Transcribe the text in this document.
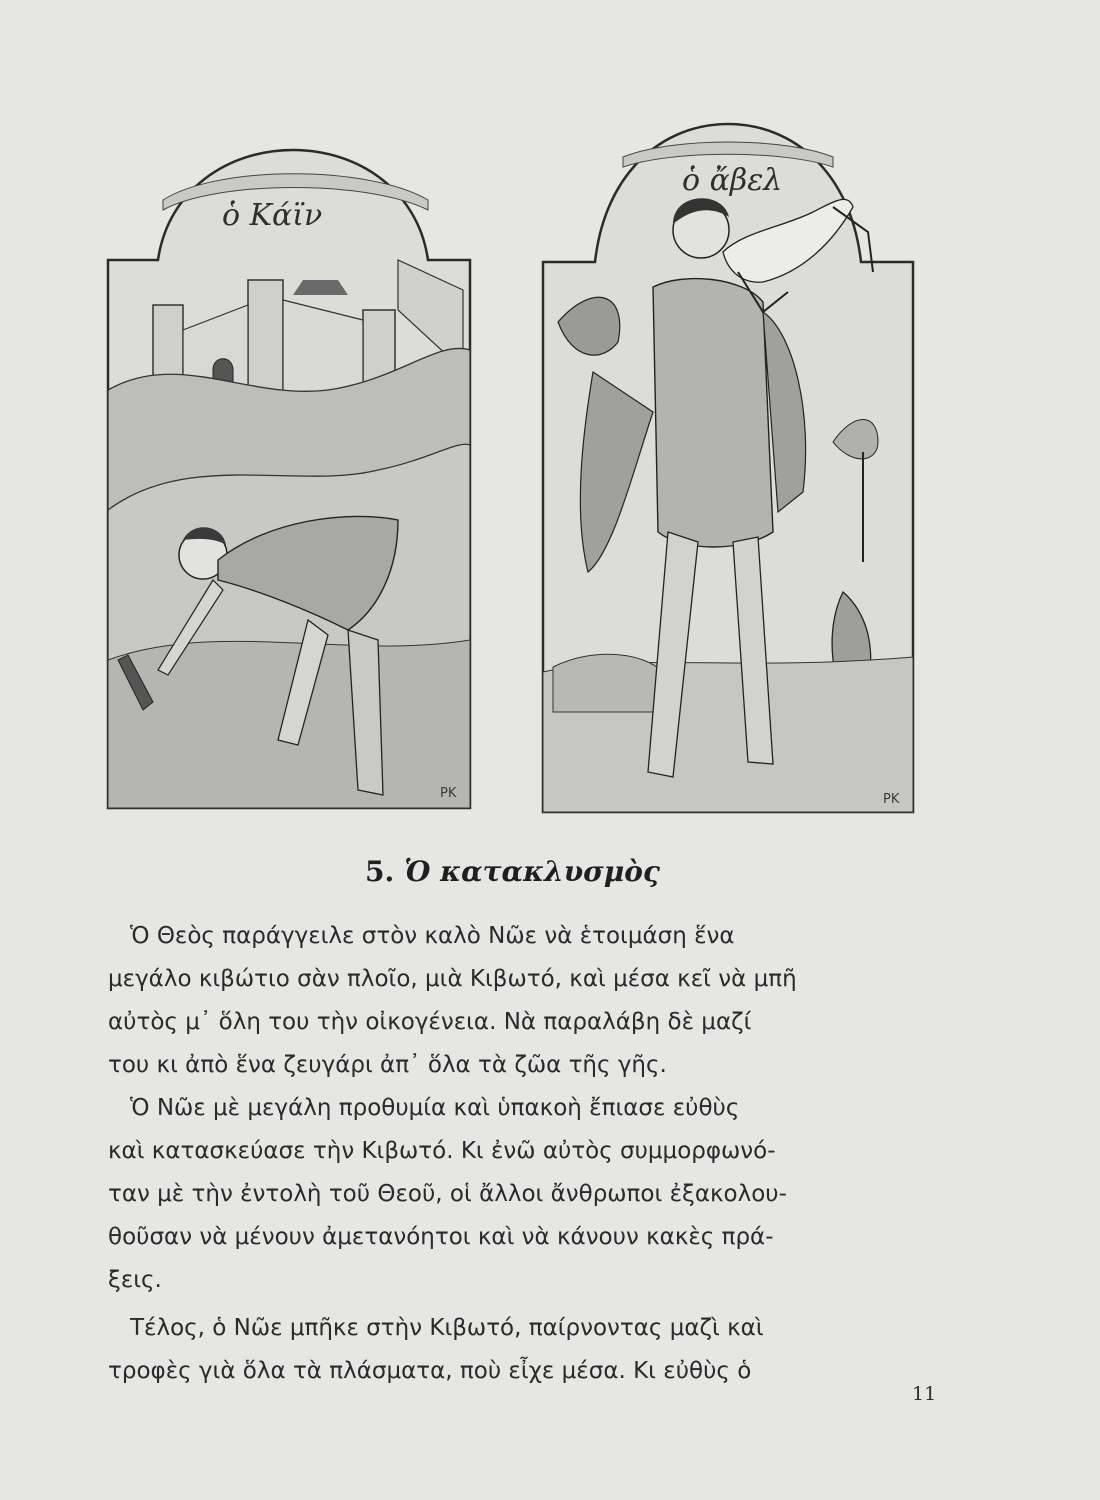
ὁ Κάϊν
ΡΚ
ὁ ἄβελ
ΡΚ
5. Ὁ κατακλυσμὸς
Ὁ Θεὸς παράγγειλε στὸν καλὸ Νῶε νὰ ἑτοιμάση ἕνα
μεγάλο κιβώτιο σὰν πλοῖο, μιὰ Κιβωτό, καὶ μέσα κεῖ νὰ μπῆ
αὐτὸς μ᾽ ὅλη του τὴν οἰκογένεια. Νὰ παραλάβη δὲ μαζί
του κι ἀπὸ ἕνα ζευγάρι ἀπ᾽ ὅλα τὰ ζῶα τῆς γῆς.
Ὁ Νῶε μὲ μεγάλη προθυμία καὶ ὑπακοὴ ἔπιασε εὐθὺς
καὶ κατασκεύασε τὴν Κιβωτό. Κι ἐνῶ αὐτὸς συμμορφωνό-
ταν μὲ τὴν ἐντολὴ τοῦ Θεοῦ, οἱ ἄλλοι ἄνθρωποι ἐξακολου-
θοῦσαν νὰ μένουν ἀμετανόητοι καὶ νὰ κάνουν κακὲς πρά-
ξεις.
Τέλος, ὁ Νῶε μπῆκε στὴν Κιβωτό, παίρνοντας μαζὶ καὶ
τροφὲς γιὰ ὅλα τὰ πλάσματα, ποὺ εἶχε μέσα. Κι εὐθὺς ὁ
11
